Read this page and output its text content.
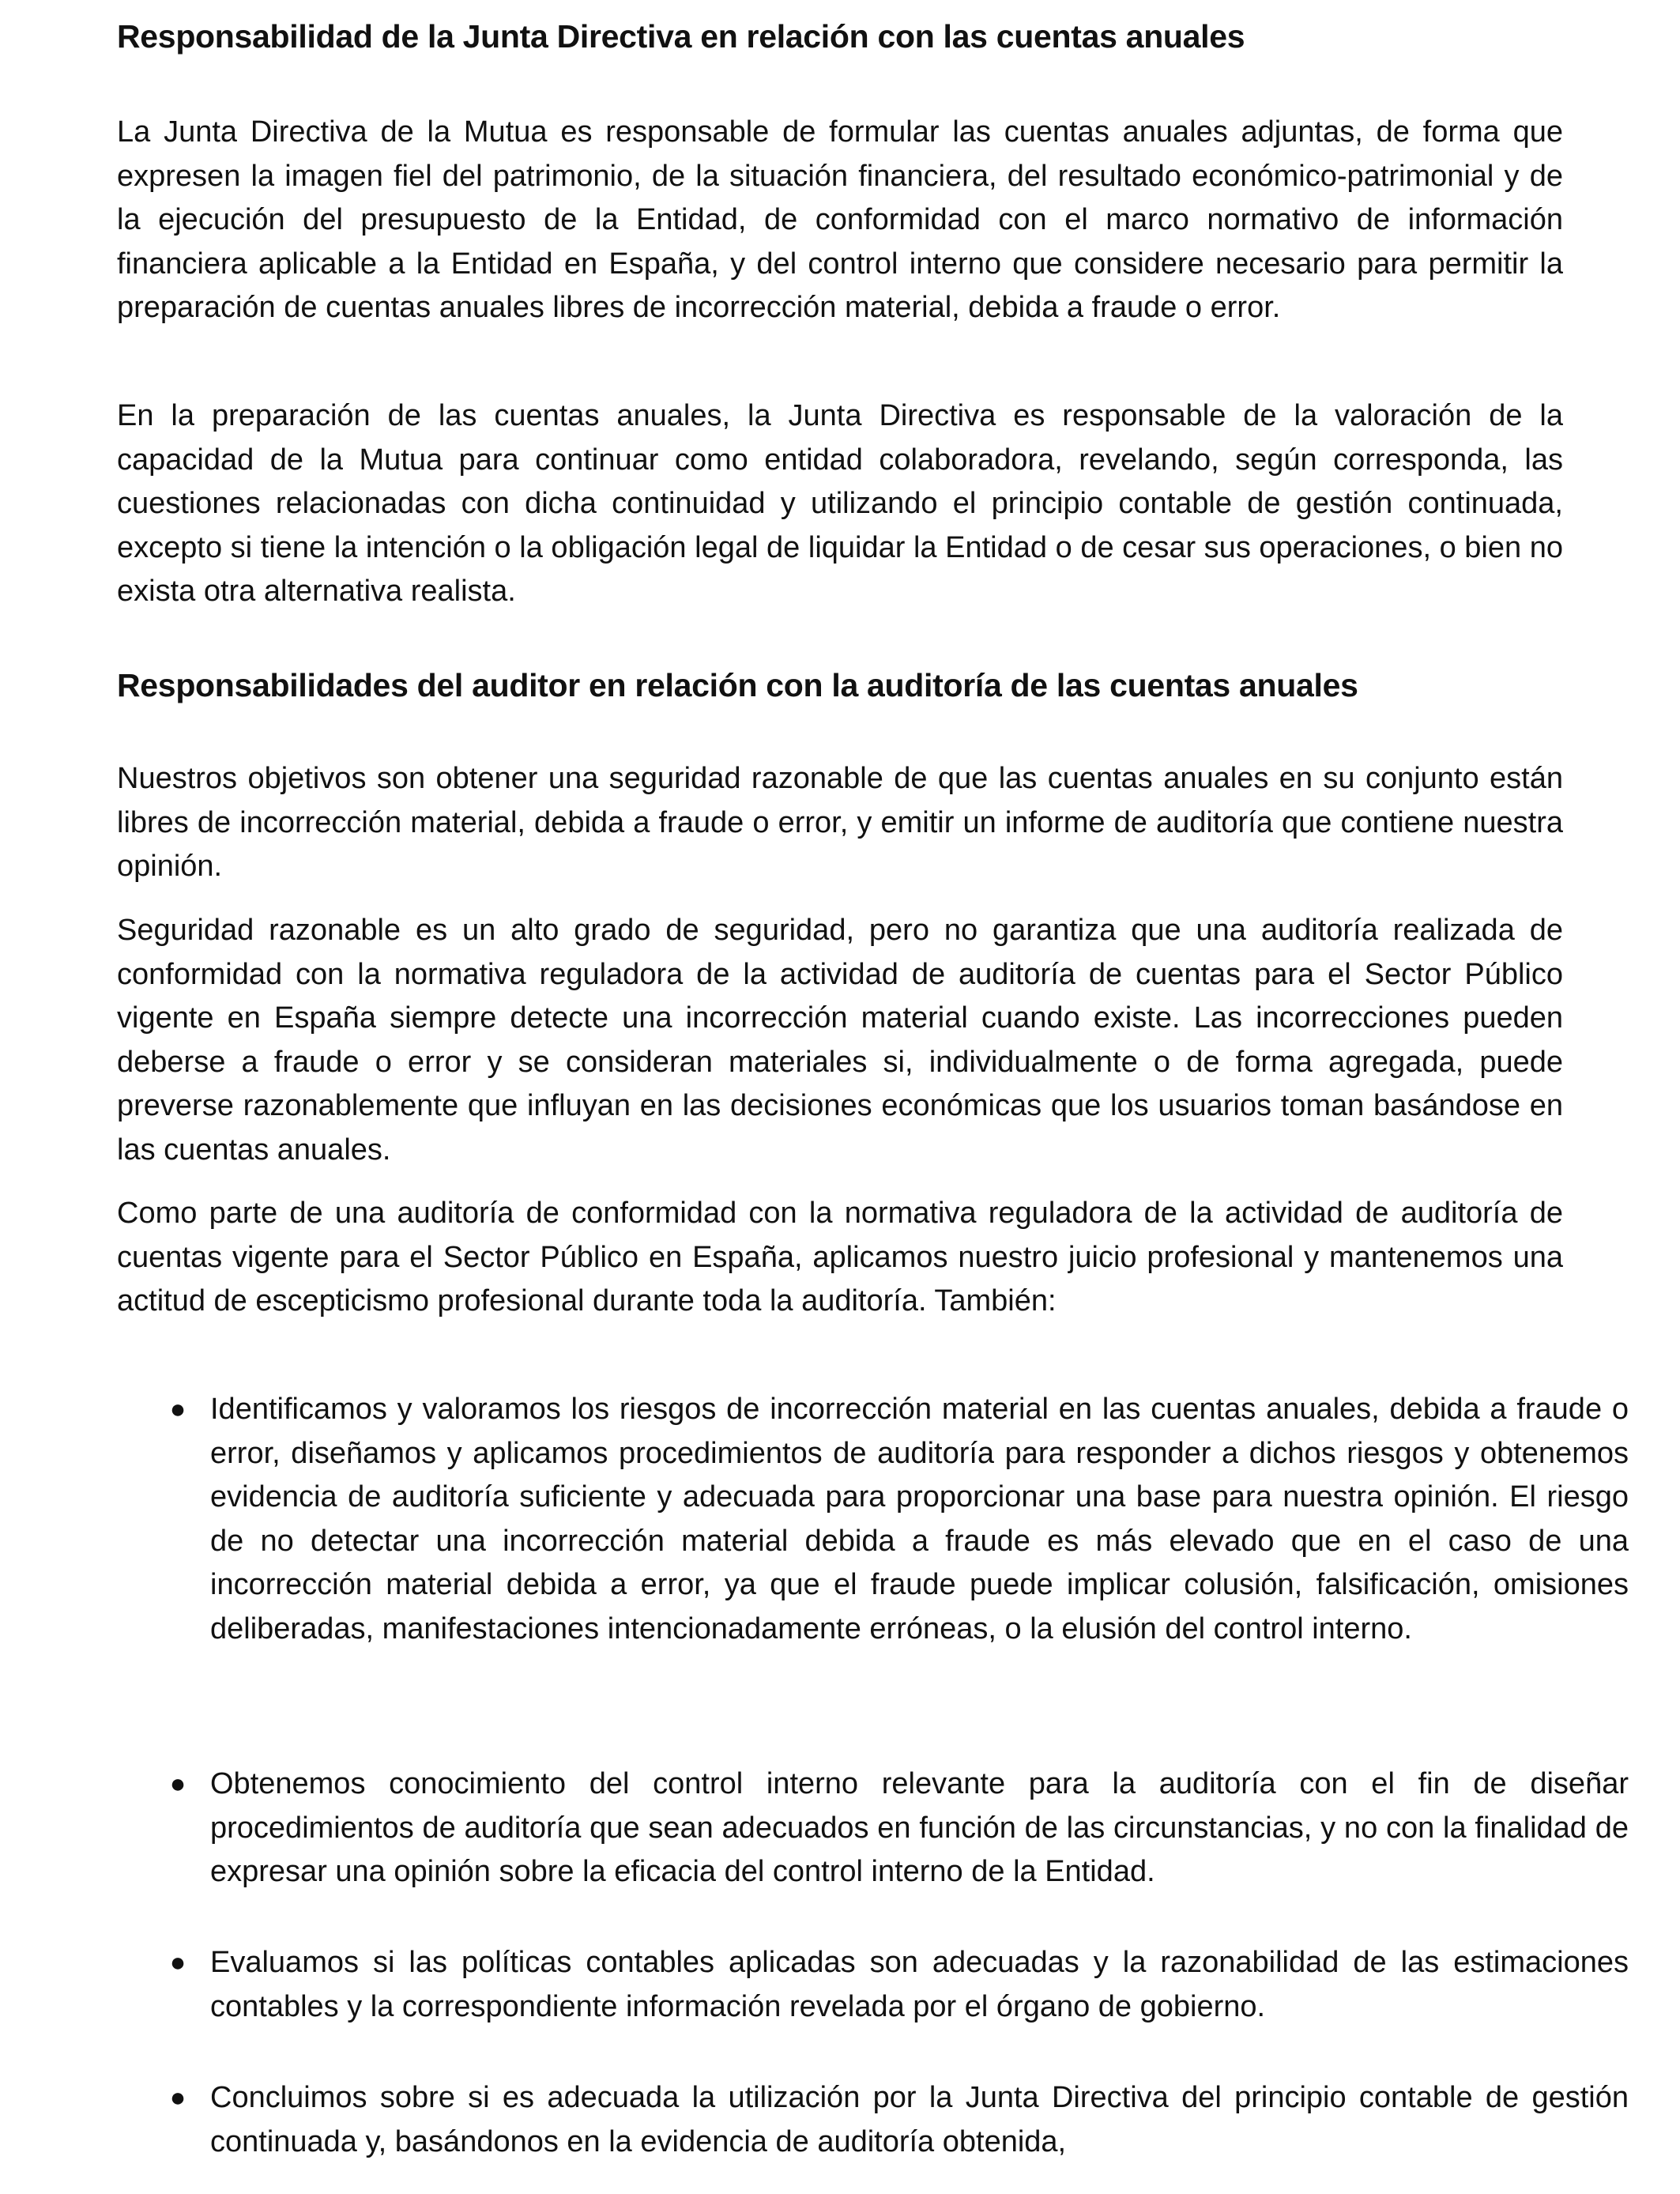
Responsabilidad de la Junta Directiva en relación con las cuentas anuales

La Junta Directiva de la Mutua es responsable de formular las cuentas anuales adjuntas, de forma que expresen la imagen fiel del patrimonio, de la situación financiera, del resultado económico-patrimonial y de la ejecución del presupuesto de la Entidad, de conformidad con el marco normativo de información financiera aplicable a la Entidad en España, y del control interno que considere necesario para permitir la preparación de cuentas anuales libres de incorrección material, debida a fraude o error.

En la preparación de las cuentas anuales, la Junta Directiva es responsable de la valoración de la capacidad de la Mutua para continuar como entidad colaboradora, revelando, según corresponda, las cuestiones relacionadas con dicha continuidad y utilizando el principio contable de gestión continuada, excepto si tiene la intención o la obligación legal de liquidar la Entidad o de cesar sus operaciones, o bien no exista otra alternativa realista.

Responsabilidades del auditor en relación con la auditoría de las cuentas anuales

Nuestros objetivos son obtener una seguridad razonable de que las cuentas anuales en su conjunto están libres de incorrección material, debida a fraude o error, y emitir un informe de auditoría que contiene nuestra opinión.

Seguridad razonable es un alto grado de seguridad, pero no garantiza que una auditoría realizada de conformidad con la normativa reguladora de la actividad de auditoría de cuentas para el Sector Público vigente en España siempre detecte una incorrección material cuando existe. Las incorrecciones pueden deberse a fraude o error y se consideran materiales si, individualmente o de forma agregada, puede preverse razonablemente que influyan en las decisiones económicas que los usuarios toman basándose en las cuentas anuales.

Como parte de una auditoría de conformidad con la normativa reguladora de la actividad de auditoría de cuentas vigente para el Sector Público en España, aplicamos nuestro juicio profesional y mantenemos una actitud de escepticismo profesional durante toda la auditoría. También:

● Identificamos y valoramos los riesgos de incorrección material en las cuentas anuales, debida a fraude o error, diseñamos y aplicamos procedimientos de auditoría para responder a dichos riesgos y obtenemos evidencia de auditoría suficiente y adecuada para proporcionar una base para nuestra opinión. El riesgo de no detectar una incorrección material debida a fraude es más elevado que en el caso de una incorrección material debida a error, ya que el fraude puede implicar colusión, falsificación, omisiones deliberadas, manifestaciones intencionadamente erróneas, o la elusión del control interno.
● Obtenemos conocimiento del control interno relevante para la auditoría con el fin de diseñar procedimientos de auditoría que sean adecuados en función de las circunstancias, y no con la finalidad de expresar una opinión sobre la eficacia del control interno de la Entidad.
● Evaluamos si las políticas contables aplicadas son adecuadas y la razonabilidad de las estimaciones contables y la correspondiente información revelada por el órgano de gobierno.
● Concluimos sobre si es adecuada la utilización por la Junta Directiva del principio contable de gestión continuada y, basándonos en la evidencia de auditoría obtenida,
